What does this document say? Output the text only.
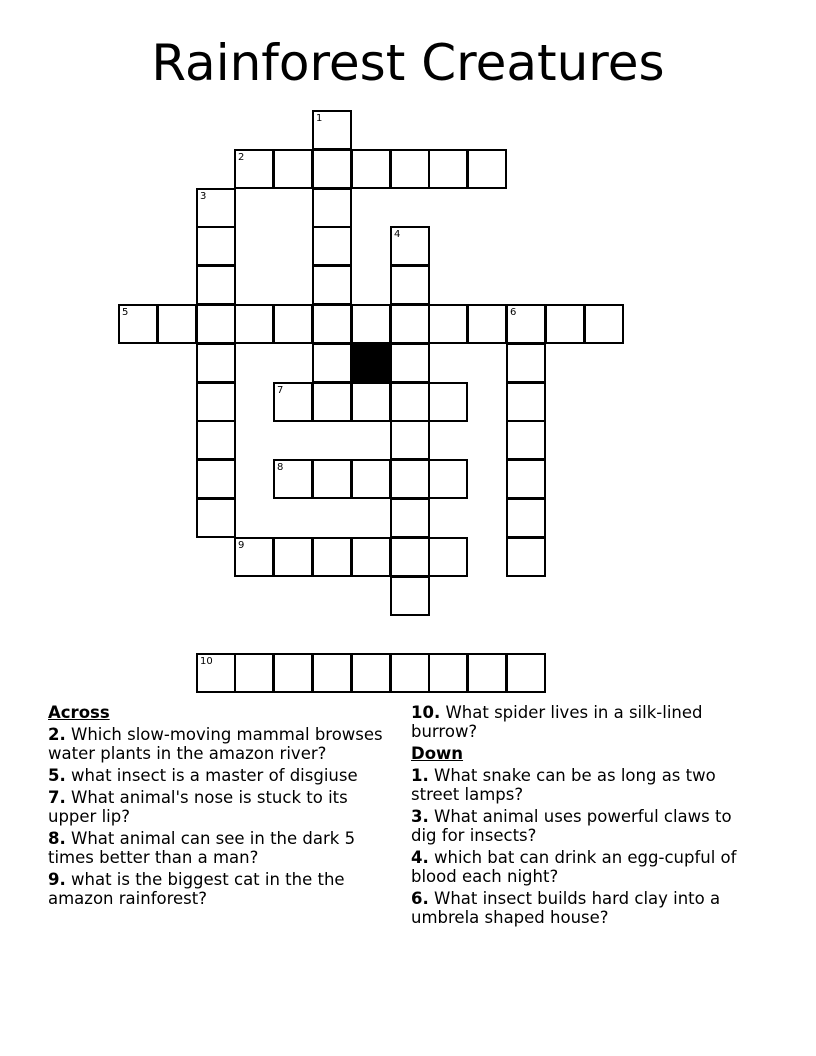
Rainforest Creatures
1
2
3
4
5	6
7
8
9
10
Across
2. Which slow-moving mammal browses water plants in the amazon river?
5. what insect is a master of disgiuse
7. What animal's nose is stuck to its upper lip?
8. What animal can see in the dark 5 times better than a man?
9. what is the biggest cat in the the amazon rainforest?
10. What spider lives in a silk-lined burrow?
Down
1. What snake can be as long as two street lamps?
3. What animal uses powerful claws to dig for insects?
4. which bat can drink an egg-cupful of blood each night?
6. What insect builds hard clay into a umbrela shaped house?
